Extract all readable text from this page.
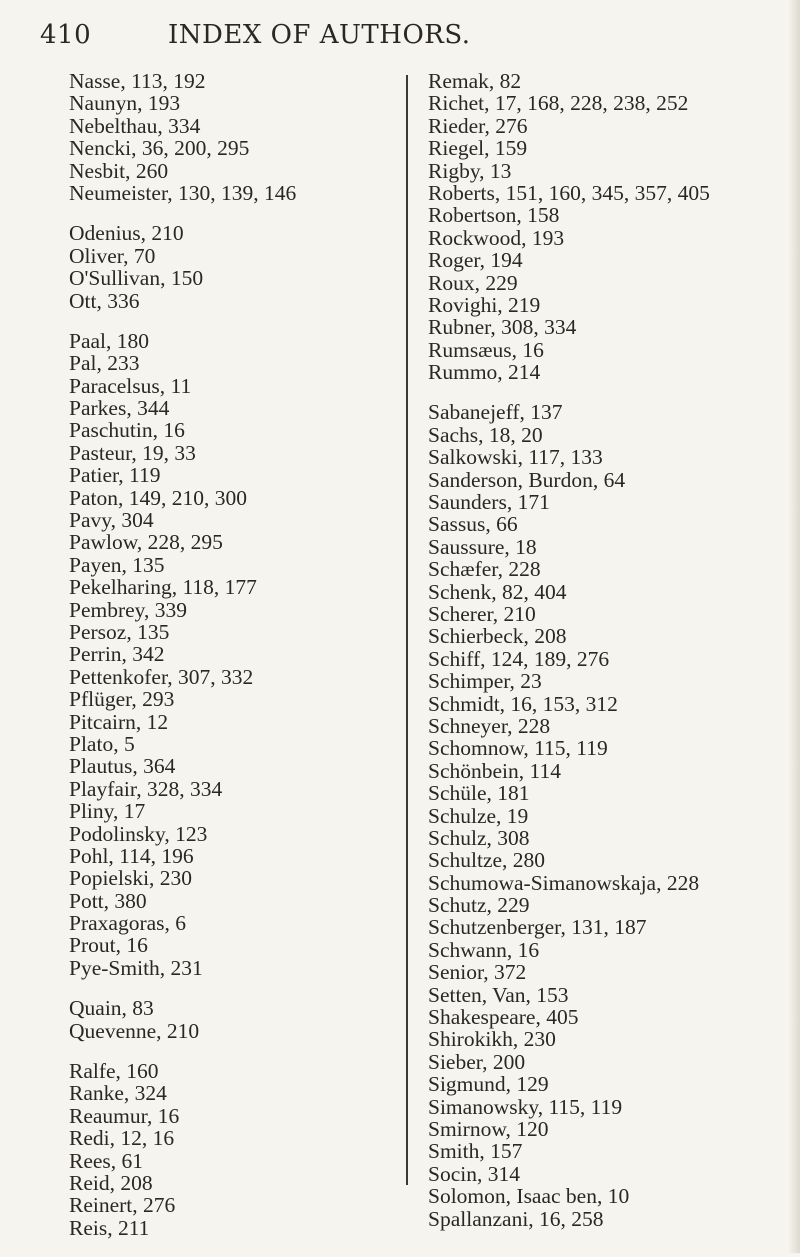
410	INDEX OF AUTHORS.
Nasse, 113, 192
Naunyn, 193
Nebelthau, 334
Nencki, 36, 200, 295
Nesbit, 260
Neumeister, 130, 139, 146
Odenius, 210
Oliver, 70
O'Sullivan, 150
Ott, 336
Paal, 180
Pal, 233
Paracelsus, 11
Parkes, 344
Paschutin, 16
Pasteur, 19, 33
Patier, 119
Paton, 149, 210, 300
Pavy, 304
Pawlow, 228, 295
Payen, 135
Pekelharing, 118, 177
Pembrey, 339
Persoz, 135
Perrin, 342
Pettenkofer, 307, 332
Pflüger, 293
Pitcairn, 12
Plato, 5
Plautus, 364
Playfair, 328, 334
Pliny, 17
Podolinsky, 123
Pohl, 114, 196
Popielski, 230
Pott, 380
Praxagoras, 6
Prout, 16
Pye-Smith, 231
Quain, 83
Quevenne, 210
Ralfe, 160
Ranke, 324
Reaumur, 16
Redi, 12, 16
Rees, 61
Reid, 208
Reinert, 276
Reis, 211
Remak, 82
Richet, 17, 168, 228, 238, 252
Rieder, 276
Riegel, 159
Rigby, 13
Roberts, 151, 160, 345, 357, 405
Robertson, 158
Rockwood, 193
Roger, 194
Roux, 229
Rovighi, 219
Rubner, 308, 334
Rumsæus, 16
Rummo, 214
Sabanejeff, 137
Sachs, 18, 20
Salkowski, 117, 133
Sanderson, Burdon, 64
Saunders, 171
Sassus, 66
Saussure, 18
Schæfer, 228
Schenk, 82, 404
Scherer, 210
Schierbeck, 208
Schiff, 124, 189, 276
Schimper, 23
Schmidt, 16, 153, 312
Schneyer, 228
Schomnow, 115, 119
Schönbein, 114
Schüle, 181
Schulze, 19
Schulz, 308
Schultze, 280
Schumowa-Simanowskaja, 228
Schutz, 229
Schutzenberger, 131, 187
Schwann, 16
Senior, 372
Setten, Van, 153
Shakespeare, 405
Shirokikh, 230
Sieber, 200
Sigmund, 129
Simanowsky, 115, 119
Smirnow, 120
Smith, 157
Socin, 314
Solomon, Isaac ben, 10
Spallanzani, 16, 258
